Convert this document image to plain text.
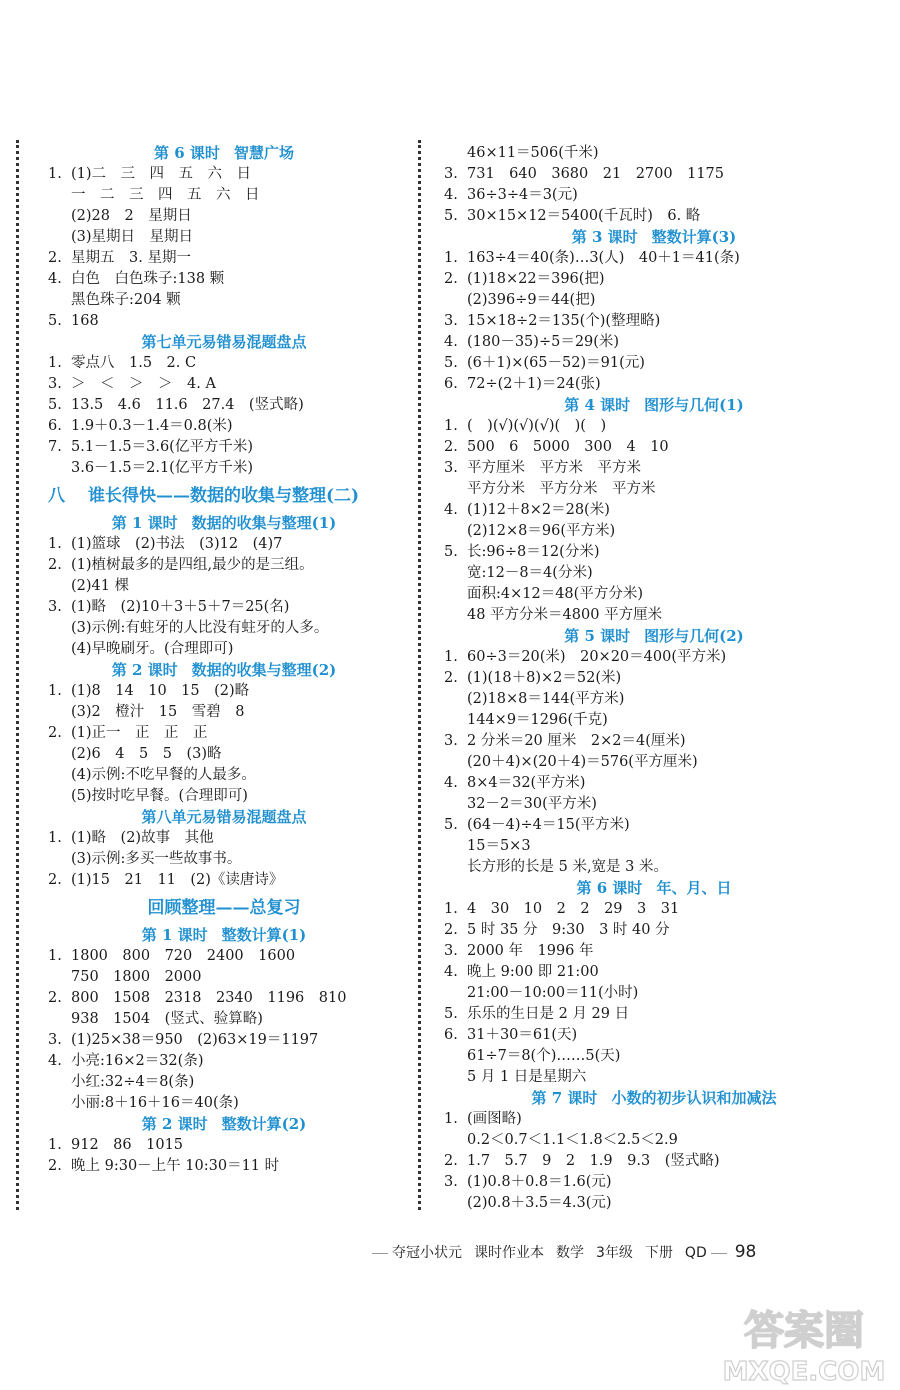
第 6 课时 智慧广场
1. (1)二　三　四　五　六　日
一　二　三　四　五　六　日
(2)28　2　星期日
(3)星期日　星期日
2. 星期五　3. 星期一
4. 白色　白色珠子:138 颗
黑色珠子:204 颗
5. 168
第七单元易错易混题盘点
1. 零点八　1.5　2. C
3. ＞　＜　＞　＞　4. A
5. 13.5　4.6　11.6　27.4　(竖式略)
6. 1.9＋0.3－1.4＝0.8(米)
7. 5.1－1.5＝3.6(亿平方千米)
3.6－1.5＝2.1(亿平方千米)
八 谁长得快——数据的收集与整理(二)
第 1 课时 数据的收集与整理(1)
1. (1)篮球　(2)书法　(3)12　(4)7
2. (1)植树最多的是四组,最少的是三组。
(2)41 棵
3. (1)略　(2)10＋3＋5＋7＝25(名)
(3)示例:有蛀牙的人比没有蛀牙的人多。
(4)早晚刷牙。(合理即可)
第 2 课时 数据的收集与整理(2)
1. (1)8　14　10　15　(2)略
(3)2　橙汁　15　雪碧　8
2. (1)正一　正　正　正
(2)6　4　5　5　(3)略
(4)示例:不吃早餐的人最多。
(5)按时吃早餐。(合理即可)
第八单元易错易混题盘点
1. (1)略　(2)故事　其他
(3)示例:多买一些故事书。
2. (1)15　21　11　(2)《读唐诗》
回顾整理——总复习
第 1 课时 整数计算(1)
1. 1800　800　720　2400　1600
750　1800　2000
2. 800　1508　2318　2340　1196　810
938　1504　(竖式、验算略)
3. (1)25×38＝950　(2)63×19＝1197
4. 小亮:16×2＝32(条)
小红:32÷4＝8(条)
小丽:8＋16＋16＝40(条)
第 2 课时 整数计算(2)
1. 912　86　1015
2. 晚上 9:30－上午 10:30＝11 时
46×11＝506(千米)
3. 731　640　3680　21　2700　1175
4. 36÷3÷4＝3(元)
5. 30×15×12＝5400(千瓦时)　6. 略
第 3 课时 整数计算(3)
1. 163÷4＝40(条)…3(人)　40＋1＝41(条)
2. (1)18×22＝396(把)
(2)396÷9＝44(把)
3. 15×18÷2＝135(个)(整理略)
4. (180－35)÷5＝29(米)
5. (6＋1)×(65－52)＝91(元)
6. 72÷(2＋1)＝24(张)
第 4 课时 图形与几何(1)
1. (　)(√)(√)(√)(　)(　)
2. 500　6　5000　300　4　10
3. 平方厘米　平方米　平方米
平方分米　平方分米　平方米
4. (1)12＋8×2＝28(米)
(2)12×8＝96(平方米)
5. 长:96÷8＝12(分米)
宽:12－8＝4(分米)
面积:4×12＝48(平方分米)
48 平方分米＝4800 平方厘米
第 5 课时 图形与几何(2)
1. 60÷3＝20(米)　20×20＝400(平方米)
2. (1)(18＋8)×2＝52(米)
(2)18×8＝144(平方米)
144×9＝1296(千克)
3. 2 分米＝20 厘米　2×2＝4(厘米)
(20＋4)×(20＋4)＝576(平方厘米)
4. 8×4＝32(平方米)
32－2＝30(平方米)
5. (64－4)÷4＝15(平方米)
15＝5×3
长方形的长是 5 米,宽是 3 米。
第 6 课时 年、月、日
1. 4　30　10　2　2　29　3　31
2. 5 时 35 分　9:30　3 时 40 分
3. 2000 年　1996 年
4. 晚上 9:00 即 21:00
21:00－10:00＝11(小时)
5. 乐乐的生日是 2 月 29 日
6. 31＋30＝61(天)
61÷7＝8(个)……5(天)
5 月 1 日是星期六
第 7 课时 小数的初步认识和加减法
1. (画图略)
0.2＜0.7＜1.1＜1.8＜2.5＜2.9
2. 1.7　5.7　9　2　1.9　9.3　(竖式略)
3. (1)0.8＋0.8＝1.6(元)
(2)0.8＋3.5＝4.3(元)
夺冠小状元 课时作业本 数学 3年级 下册 QD 98
答案圈
MXQE.COM
